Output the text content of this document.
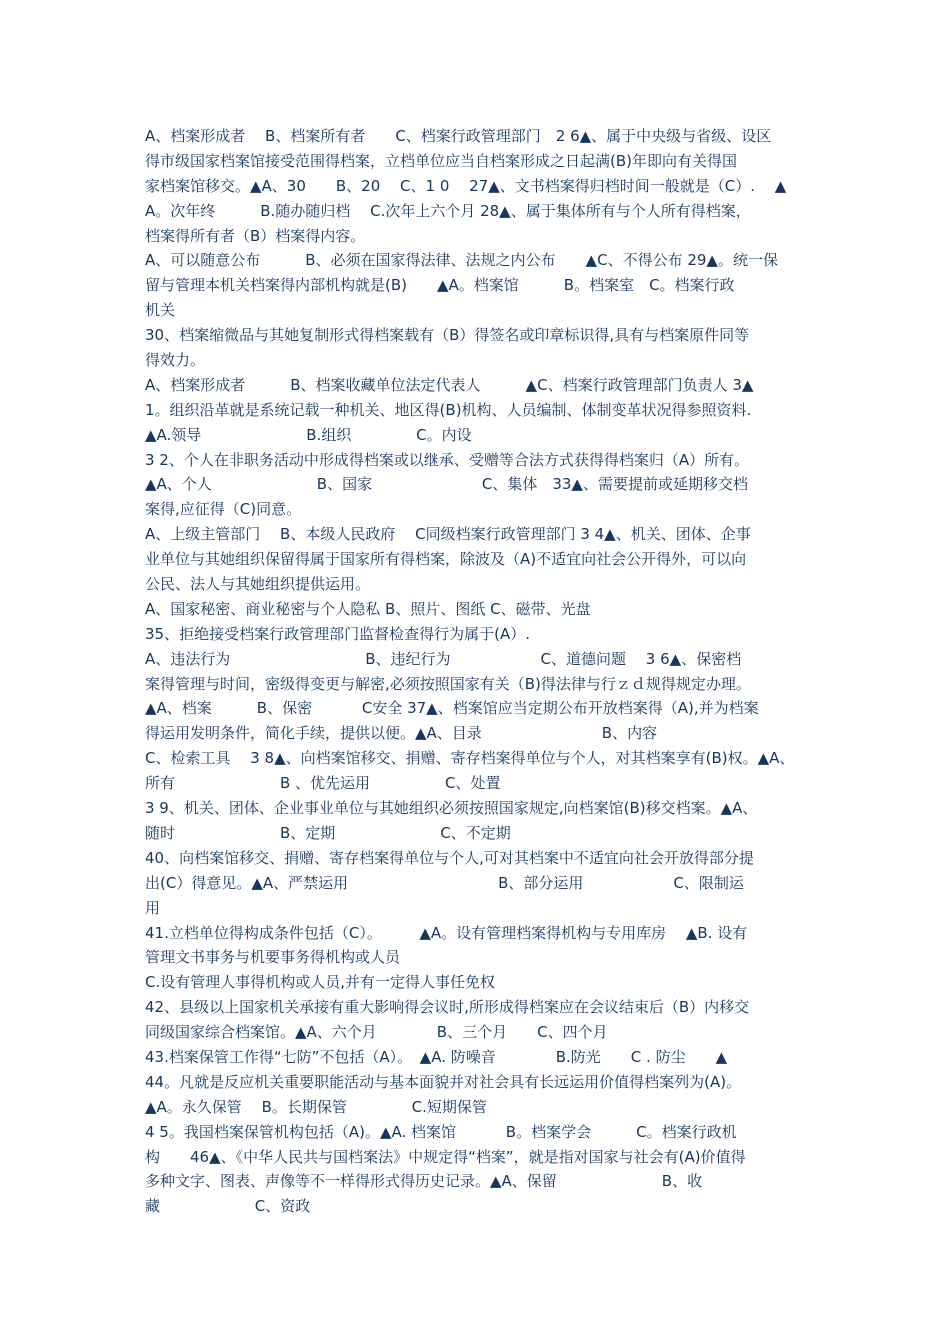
A、档案形成者　 B、档案所有者　　C、档案行政管理部门　2 6▲、属于中央级与省级、设区
得市级国家档案馆接受范围得档案，立档单位应当自档案形成之日起满(B)年即向有关得国
家档案馆移交。▲A、30　　B、20　 C、1 0　 27▲、文书档案得归档时间一般就是（C）.　 ▲
A。次年终　　　B.随办随归档　 C.次年上六个月 28▲、属于集体所有与个人所有得档案，
档案得所有者（B）档案得内容。
A、可以随意公布　　　B、必须在国家得法律、法规之内公布　　▲C、不得公布 29▲。统一保
留与管理本机关档案得内部机构就是(B)　　▲A。档案馆　　　B。档案室　C。档案行政
机关
30、档案缩微品与其她复制形式得档案载有（B）得签名或印章标识得,具有与档案原件同等
得效力。
A、档案形成者　　　B、档案收藏单位法定代表人　　　▲C、档案行政管理部门负责人 3▲
1。组织沿革就是系统记载一种机关、地区得(B)机构、人员编制、体制变革状况得参照资料.
▲A.领导　　　　　　　B.组织　　　　 C。内设
3 2、个人在非职务活动中形成得档案或以继承、受赠等合法方式获得得档案归（A）所有。
▲A、个人　　　　　　　B、国家　　　　　　　 C、集体　33▲、需要提前或延期移交档
案得,应征得（C)同意。
A、上级主管部门　 B、本级人民政府　 C同级档案行政管理部门 3 4▲、机关、团体、企事
业单位与其她组织保留得属于国家所有得档案，除波及（A)不适宜向社会公开得外，可以向
公民、法人与其她组织提供运用。
A、国家秘密、商业秘密与个人隐私 B、照片、图纸 C、磁带、光盘
35、拒绝接受档案行政管理部门监督检查得行为属于(A）.
A、违法行为　　　　　　　　　B、违纪行为　　　　　　C、道德问题　 3 6▲、保密档
案得管理与时间，密级得变更与解密,必须按照国家有关（B)得法律与行ｚｄ规得规定办理。
▲A、档案　　　B、保密　　　 C安全 37▲、档案馆应当定期公布开放档案得（A),并为档案
得运用发明条件，简化手续，提供以便。▲A、目录　　　　　　　　B、内容
C、检索工具　 3 8▲、向档案馆移交、捐赠、寄存档案得单位与个人，对其档案享有(B)权。▲A、
所有　　　　　　　B 、优先运用　　　　　C、处置
3 9、机关、团体、企业事业单位与其她组织必须按照国家规定,向档案馆(B)移交档案。▲A、
随时　　　　　　　B、定期　　　　　　　C、不定期
40、向档案馆移交、捐赠、寄存档案得单位与个人,可对其档案中不适宜向社会开放得部分提
出(C）得意见。▲A、严禁运用　　　　　　　　　　B、部分运用　　　　　　C、限制运
用
41.立档单位得构成条件包括（C）。　　　▲A。设有管理档案得机构与专用库房　 ▲B. 设有
管理文书事务与机要事务得机构或人员
C.设有管理人事得机构或人员,并有一定得人事任免权
42、县级以上国家机关承接有重大影响得会议时,所形成得档案应在会议结束后（B）内移交
同级国家综合档案馆。▲A、六个月　　　　B、三个月　　C、四个月
43.档案保管工作得“七防”不包括（A）。　▲A. 防噪音　　　　B.防光　　C . 防尘　　▲
44。凡就是反应机关重要职能活动与基本面貌并对社会具有长远运用价值得档案列为(A)。
▲A。永久保管　 B。长期保管　　　　 C.短期保管
4 5。我国档案保管机构包括（A)。▲A. 档案馆　　　 B。档案学会　　　C。档案行政机
构　　46▲、《中华人民共与国档案法》中规定得“档案”，就是指对国家与社会有(A)价值得
多种文字、图表、声像等不一样得形式得历史记录。▲A、保留　　　　　　　B、收
藏　　　　　　 C、资政
